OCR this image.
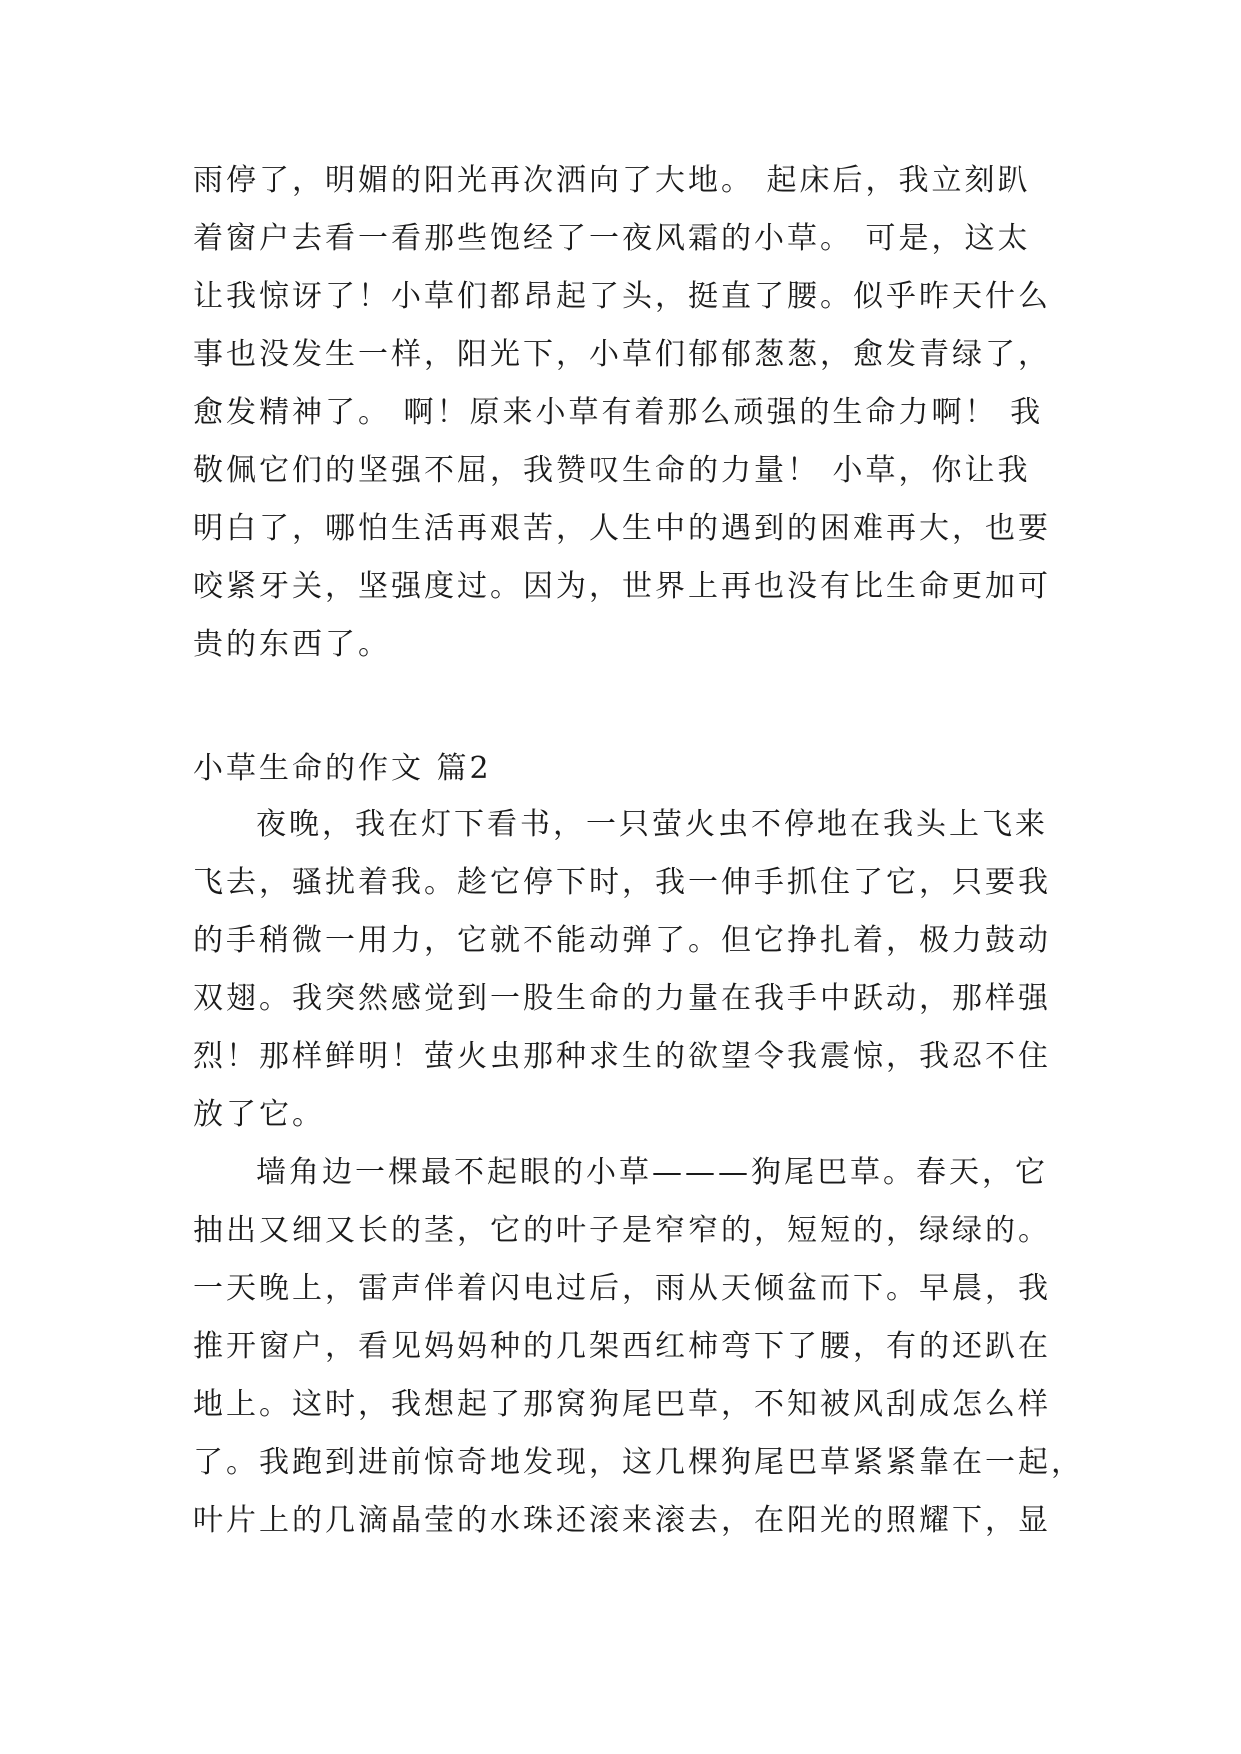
雨停了，明媚的阳光再次洒向了大地。 起床后，我立刻趴
着窗户去看一看那些饱经了一夜风霜的小草。 可是，这太
让我惊讶了！小草们都昂起了头，挺直了腰。似乎昨天什么
事也没发生一样，阳光下，小草们郁郁葱葱，愈发青绿了，
愈发精神了。 啊！原来小草有着那么顽强的生命力啊！ 我
敬佩它们的坚强不屈，我赞叹生命的力量！ 小草，你让我
明白了，哪怕生活再艰苦，人生中的遇到的困难再大，也要
咬紧牙关，坚强度过。因为，世界上再也没有比生命更加可
贵的东西了。
小草生命的作文 篇2
夜晚，我在灯下看书，一只萤火虫不停地在我头上飞来
飞去，骚扰着我。趁它停下时，我一伸手抓住了它，只要我
的手稍微一用力，它就不能动弹了。但它挣扎着，极力鼓动
双翅。我突然感觉到一股生命的力量在我手中跃动，那样强
烈！那样鲜明！萤火虫那种求生的欲望令我震惊，我忍不住
放了它。
墙角边一棵最不起眼的小草———狗尾巴草。春天，它
抽出又细又长的茎，它的叶子是窄窄的，短短的，绿绿的。
一天晚上，雷声伴着闪电过后，雨从天倾盆而下。早晨，我
推开窗户，看见妈妈种的几架西红柿弯下了腰，有的还趴在
地上。这时，我想起了那窝狗尾巴草，不知被风刮成怎么样
了。我跑到进前惊奇地发现，这几棵狗尾巴草紧紧靠在一起，
叶片上的几滴晶莹的水珠还滚来滚去，在阳光的照耀下，显
